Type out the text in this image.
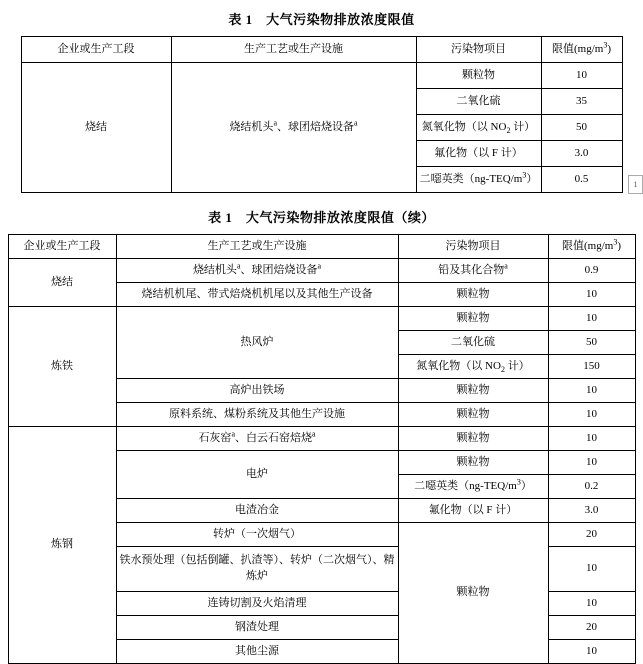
表 1　大气污染物排放浓度限值
企业或生产工段	生产工艺或生产设施	污染物项目	限值$(mg/m^3)$
烧结	烧结机头$^a$、球团焙烧设备$^a$	颗粒物	10
		二氧化硫	35
		氮氧化物（以 $NO_2$ 计）	50
		氟化物（以 F 计）	3.0
		二噁英类$(ng-TEQ/m^3)$	0.5	1
表 1　大气污染物排放浓度限值（续）
企业或生产工段	生产工艺或生产设施	污染物项目	限值$(mg/m^3)$
烧结	烧结机头$^a$、球团焙烧设备$^a$	铅及其化合物$^a$	0.9
	烧结机机尾、带式焙烧机机尾以及其他生产设备	颗粒物	10
炼铁	热风炉	颗粒物	10
		二氧化硫	50
		氮氧化物（以 $NO_2$ 计）	150
	高炉出铁场	颗粒物	10
	原料系统、煤粉系统及其他生产设施	颗粒物	10
炼钢	石灰窑$^a$、白云石窑焙烧$^a$	颗粒物	10
	电炉	颗粒物	10
		二噁英类$(ng-TEQ/m^3)$	0.2
	电渣冶金	氟化物（以 F 计）	3.0
	转炉（一次烟气）	颗粒物	20
	铁水预处理（包括倒罐、扒渣等）、转炉（二次烟气）、精炼炉		10
	连铸切割及火焰清理		10
	钢渣处理		20
	其他尘源		10
